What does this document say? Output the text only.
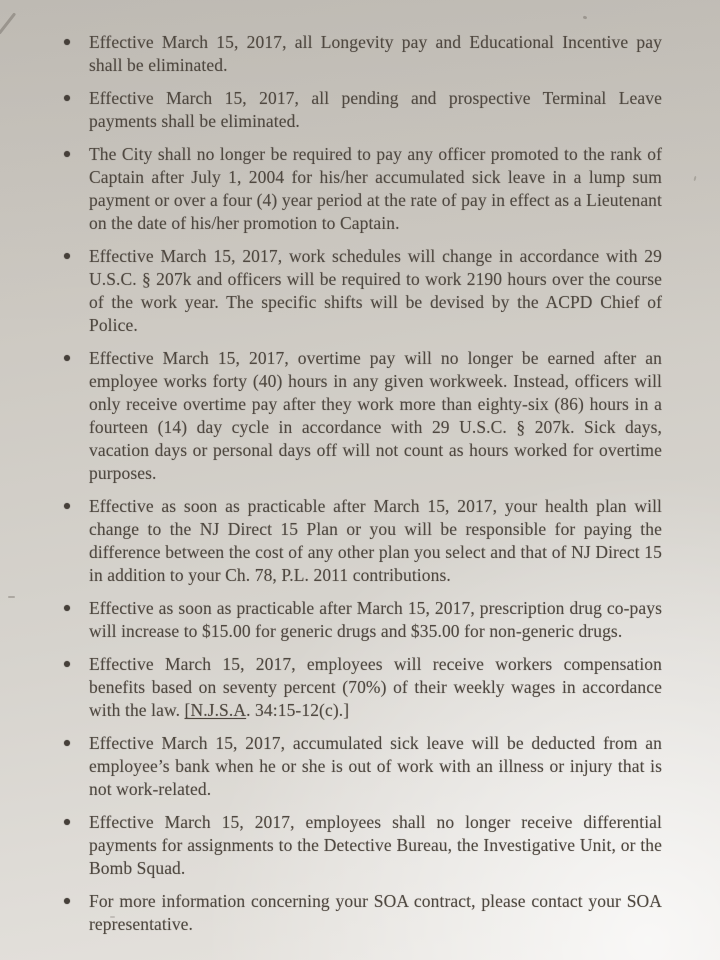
Effective March 15, 2017, all Longevity pay and Educational Incentive pay shall be eliminated.

Effective March 15, 2017, all pending and prospective Terminal Leave payments shall be eliminated.

The City shall no longer be required to pay any officer promoted to the rank of Captain after July 1, 2004 for his/her accumulated sick leave in a lump sum payment or over a four (4) year period at the rate of pay in effect as a Lieutenant on the date of his/her promotion to Captain.

Effective March 15, 2017, work schedules will change in accordance with 29 U.S.C. § 207k and officers will be required to work 2190 hours over the course of the work year. The specific shifts will be devised by the ACPD Chief of Police.

Effective March 15, 2017, overtime pay will no longer be earned after an employee works forty (40) hours in any given workweek. Instead, officers will only receive overtime pay after they work more than eighty-six (86) hours in a fourteen (14) day cycle in accordance with 29 U.S.C. § 207k. Sick days, vacation days or personal days off will not count as hours worked for overtime purposes.

Effective as soon as practicable after March 15, 2017, your health plan will change to the NJ Direct 15 Plan or you will be responsible for paying the difference between the cost of any other plan you select and that of NJ Direct 15 in addition to your Ch. 78, P.L. 2011 contributions.

Effective as soon as practicable after March 15, 2017, prescription drug co-pays will increase to $15.00 for generic drugs and $35.00 for non-generic drugs.

Effective March 15, 2017, employees will receive workers compensation benefits based on seventy percent (70%) of their weekly wages in accordance with the law. [N.J.S.A. 34:15-12(c).]

Effective March 15, 2017, accumulated sick leave will be deducted from an employee’s bank when he or she is out of work with an illness or injury that is not work-related.

Effective March 15, 2017, employees shall no longer receive differential payments for assignments to the Detective Bureau, the Investigative Unit, or the Bomb Squad.

For more information concerning your SOA contract, please contact your SOA representative.
